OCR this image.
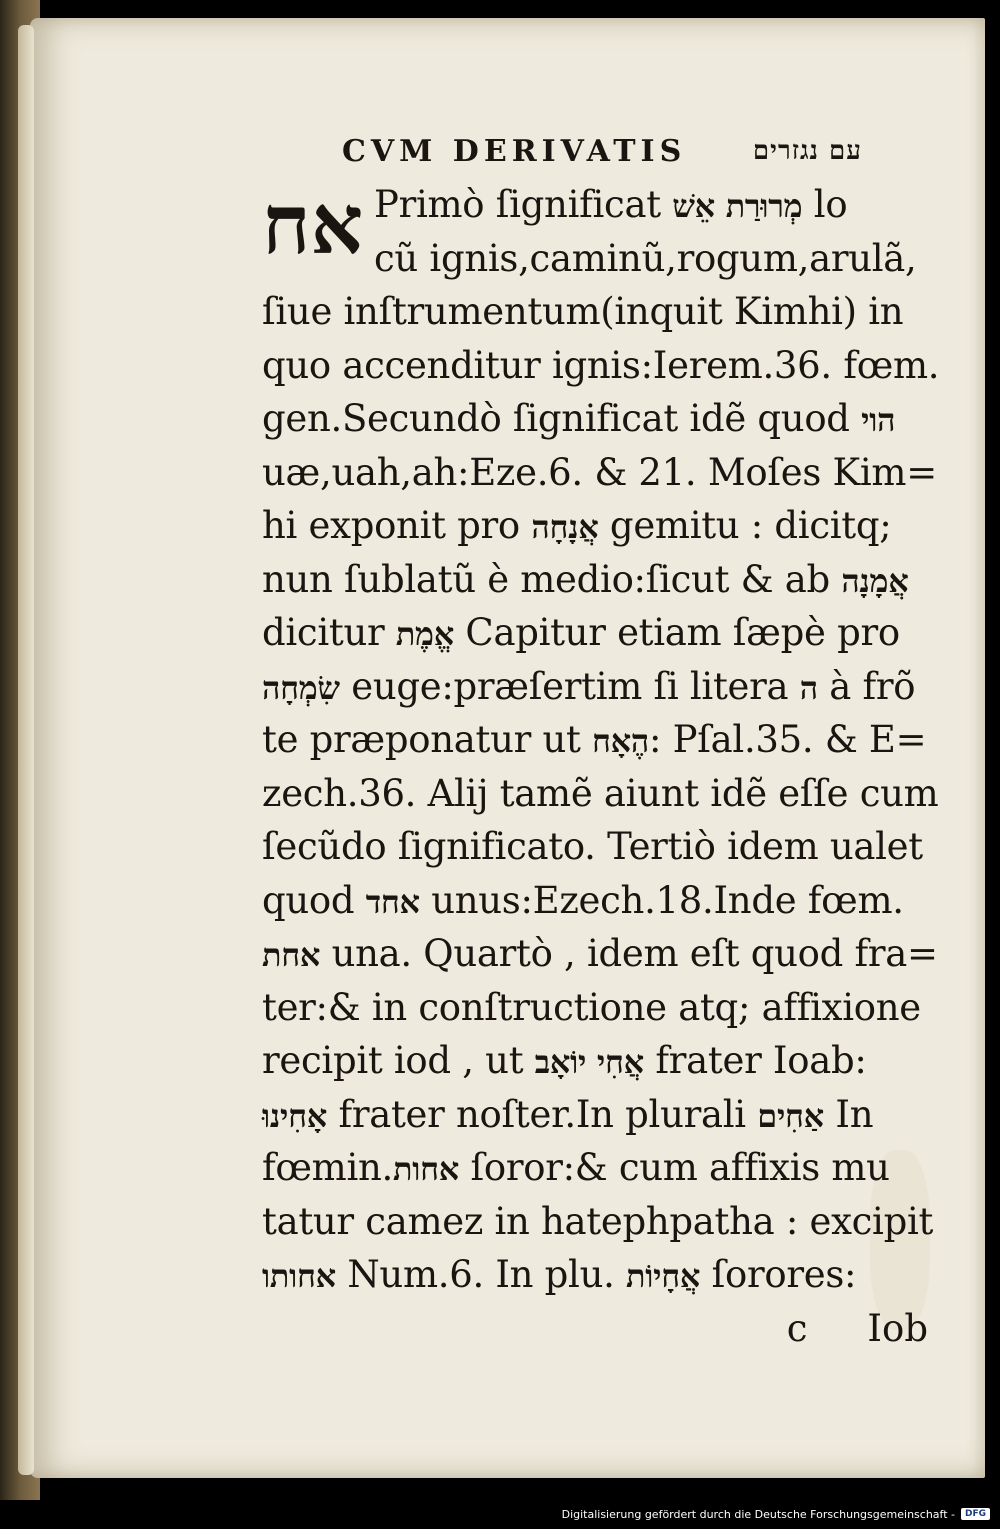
CVM DERIVATIS	עם נגזרים
אח Primò ſignificat מְרוּרַת אֵשׁ lo
cũ ignis,caminũ,rogum,arulã,
ſiue inſtrumentum(inquit Kimhi) in
quo accenditur ignis:Ierem.36. fœm.
gen.Secundò ſignificat idẽ quod הוי
uæ,uah,ah:Eze.6. & 21. Moſes Kim=
hi exponit pro אֲנָחָה gemitu : dicitq;
nun ſublatũ è medio:ſicut & ab אֲמָנָה
dicitur אֱמֶת Capitur etiam ſæpè pro
שִׂמְחָה euge:præſertim ſi litera ה à frõ
te præponatur ut הֶאָח: Pſal.35. & E=
zech.36. Alij tamẽ aiunt idẽ eſſe cum
ſecũdo ſignificato. Tertiò idem ualet
quod אחד unus:Ezech.18.Inde fœm.
אחת una. Quartò , idem eſt quod fra=
ter:& in conſtructione atq; affixione
recipit iod , ut אֲחִי יוֹאָב frater Ioab:
אָחִינוּ frater noſter.In plurali אַחִים In
fœmin.אחות ſoror:& cum affixis mu
tatur camez in hatephpatha : excipit
אחותו Num.6. In plu. אֲחָיוֹת ſorores:
c Iob
Digitalisierung gefördert durch die Deutsche Forschungsgemeinschaft -	DFG
